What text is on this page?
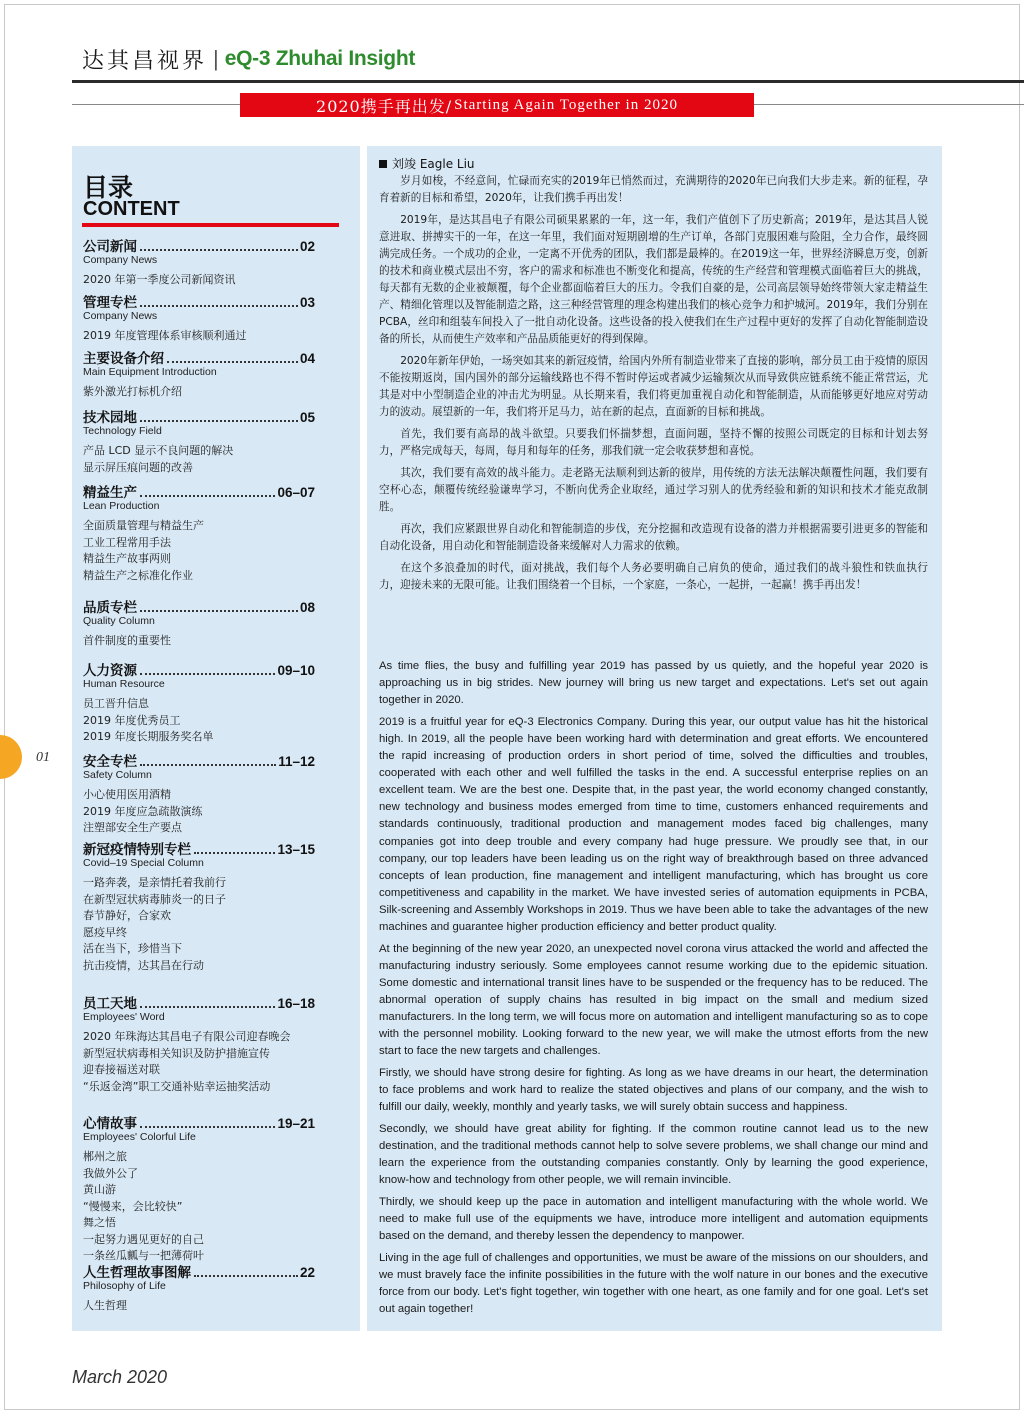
达其昌视界 | eQ-3 Zhuhai Insight
2020携手再出发/ Starting Again Together in 2020
目录
CONTENT
公司新闻	02
Company News
2020 年第一季度公司新闻资讯
管理专栏	03
Company News
2019 年度管理体系审核顺利通过
主要设备介绍	04
Main Equipment Introduction
紫外激光打标机介绍
技术园地	05
Technology Field
产品 LCD 显示不良问题的解决
显示屏压痕问题的改善
精益生产	06–07
Lean Production
全面质量管理与精益生产
工业工程常用手法
精益生产故事两则
精益生产之标准化作业
品质专栏	08
Quality Column
首件制度的重要性
人力资源	09–10
Human Resource
员工晋升信息
2019 年度优秀员工
2019 年度长期服务奖名单
安全专栏	11–12
Safety Column
小心使用医用酒精
2019 年度应急疏散演练
注塑部安全生产要点
新冠疫情特别专栏	13–15
Covid–19 Special Column
一路奔袭，是亲情托着我前行
在新型冠状病毒肺炎一的日子
春节静好，合家欢
愿疫早终
活在当下，珍惜当下
抗击疫情，达其昌在行动
员工天地	16–18
Employees' Word
2020 年珠海达其昌电子有限公司迎春晚会
新型冠状病毒相关知识及防护措施宣传
迎春接福送对联
“乐返金湾”职工交通补贴幸运抽奖活动
心情故事	19–21
Employees' Colorful Life
郴州之旅
我做外公了
黄山游
“慢慢来，会比较快”
舞之悟
一起努力遇见更好的自己
一条丝瓜瓤与一把薄荷叶
人生哲理故事图解	22
Philosophy of Life
人生哲理
01
刘竣 Eagle Liu

岁月如梭，不经意间，忙碌而充实的2019年已悄然而过，充满期待的2020年已向我们大步走来。新的征程，孕育着新的目标和希望，2020年，让我们携手再出发！

2019年，是达其昌电子有限公司硕果累累的一年，这一年，我们产值创下了历史新高；2019年，是达其昌人锐意进取、拼搏实干的一年，在这一年里，我们面对短期剧增的生产订单，各部门克服困难与险阻，全力合作，最终圆满完成任务。一个成功的企业，一定离不开优秀的团队，我们都是最棒的。在2019这一年，世界经济瞬息万变，创新的技术和商业模式层出不穷，客户的需求和标准也不断变化和提高，传统的生产经营和管理模式面临着巨大的挑战，每天都有无数的企业被颠覆，每个企业都面临着巨大的压力。令我们自豪的是，公司高层领导始终带领大家走精益生产、精细化管理以及智能制造之路，这三种经营管理的理念构建出我们的核心竞争力和护城河。2019年，我们分别在PCBA，丝印和组装车间投入了一批自动化设备。这些设备的投入使我们在生产过程中更好的发挥了自动化智能制造设备的所长，从而使生产效率和产品品质能更好的得到保障。

2020年新年伊始，一场突如其来的新冠疫情，给国内外所有制造业带来了直接的影响，部分员工由于疫情的原因不能按期返岗，国内国外的部分运输线路也不得不暂时停运或者减少运输频次从而导致供应链系统不能正常营运，尤其是对中小型制造企业的冲击尤为明显。从长期来看，我们将更加重视自动化和智能制造，从而能够更好地应对劳动力的波动。展望新的一年，我们将开足马力，站在新的起点，直面新的目标和挑战。

首先，我们要有高昂的战斗欲望。只要我们怀揣梦想，直面问题，坚持不懈的按照公司既定的目标和计划去努力，严格完成每天，每周，每月和每年的任务，那我们就一定会收获梦想和喜悦。

其次，我们要有高效的战斗能力。走老路无法顺利到达新的彼岸，用传统的方法无法解决颠覆性问题，我们要有空杯心态，颠覆传统经验谦卑学习，不断向优秀企业取经，通过学习别人的优秀经验和新的知识和技术才能克敌制胜。

再次，我们应紧跟世界自动化和智能制造的步伐，充分挖掘和改造现有设备的潜力并根据需要引进更多的智能和自动化设备，用自动化和智能制造设备来缓解对人力需求的依赖。

在这个多浪叠加的时代，面对挑战，我们每个人务必要明确自己肩负的使命，通过我们的战斗狼性和铁血执行力，迎接未来的无限可能。让我们围绕着一个目标，一个家庭，一条心，一起拼，一起赢！携手再出发！

As time flies, the busy and fulfilling year 2019 has passed by us quietly, and the hopeful year 2020 is approaching us in big strides. New journey will bring us new target and expectations. Let's set out again together in 2020.

2019 is a fruitful year for eQ-3 Electronics Company. During this year, our output value has hit the historical high. In 2019, all the people have been working hard with determination and great efforts. We encountered the rapid increasing of production orders in short period of time, solved the difficulties and troubles, cooperated with each other and well fulfilled the tasks in the end. A successful enterprise replies on an excellent team. We are the best one. Despite that, in the past year, the world economy changed constantly, new technology and business modes emerged from time to time, customers enhanced requirements and standards continuously, traditional production and management modes faced big challenges, many companies got into deep trouble and every company had huge pressure. We proudly see that, in our company, our top leaders have been leading us on the right way of breakthrough based on three advanced concepts of lean production, fine management and intelligent manufacturing, which has brought us core competitiveness and capability in the market. We have invested series of automation equipments in PCBA, Silk-screening and Assembly Workshops in 2019. Thus we have been able to take the advantages of the new machines and guarantee higher production efficiency and better product quality.

At the beginning of the new year 2020, an unexpected novel corona virus attacked the world and affected the manufacturing industry seriously. Some employees cannot resume working due to the epidemic situation. Some domestic and international transit lines have to be suspended or the frequency has to be reduced. The abnormal operation of supply chains has resulted in big impact on the small and medium sized manufacturers. In the long term, we will focus more on automation and intelligent manufacturing so as to cope with the personnel mobility. Looking forward to the new year, we will make the utmost efforts from the new start to face the new targets and challenges.

Firstly, we should have strong desire for fighting. As long as we have dreams in our heart, the determination to face problems and work hard to realize the stated objectives and plans of our company, and the wish to fulfill our daily, weekly, monthly and yearly tasks, we will surely obtain success and happiness.

Secondly, we should have great ability for fighting. If the common routine cannot lead us to the new destination, and the traditional methods cannot help to solve severe problems, we shall change our mind and learn the experience from the outstanding companies constantly. Only by learning the good experience, know-how and technology from other people, we will remain invincible.

Thirdly, we should keep up the pace in automation and intelligent manufacturing with the whole world. We need to make full use of the equipments we have, introduce more intelligent and automation equipments based on the demand, and thereby lessen the dependency to manpower.

Living in the age full of challenges and opportunities, we must be aware of the missions on our shoulders, and we must bravely face the infinite possibilities in the future with the wolf nature in our bones and the executive force from our body. Let's fight together, win together with one heart, as one family and for one goal. Let's set out again together!

March 2020
